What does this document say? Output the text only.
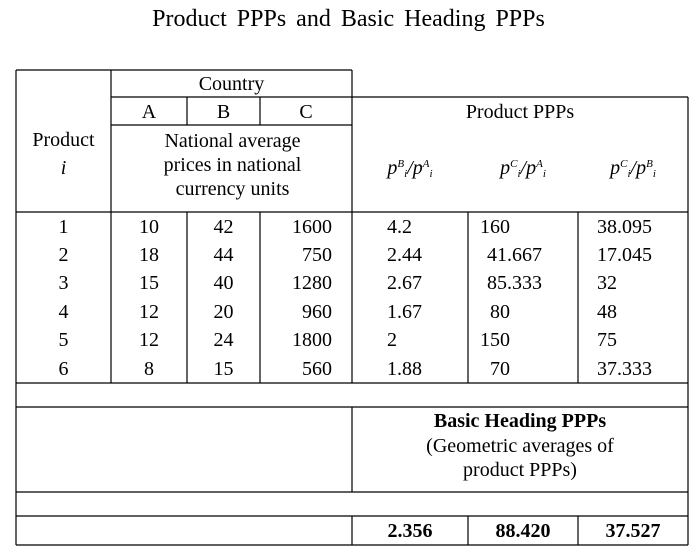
Product PPPs and Basic Heading PPPs
Country
A	B	C
Product
i
National average prices in national currency units
Product PPPs
$p^B_i/p^A_i$	$p^C_i/p^A_i$	$p^C_i/p^B_i$
1	10	42	1600	4.2	160	38.095
2	18	44	750	2.44	41.667	17.045
3	15	40	1280	2.67	85.333	32
4	12	20	960	1.67	80	48
5	12	24	1800	2	150	75
6	8	15	560	1.88	70	37.333
Basic Heading PPPs
(Geometric averages of product PPPs)
2.356	88.420	37.527
